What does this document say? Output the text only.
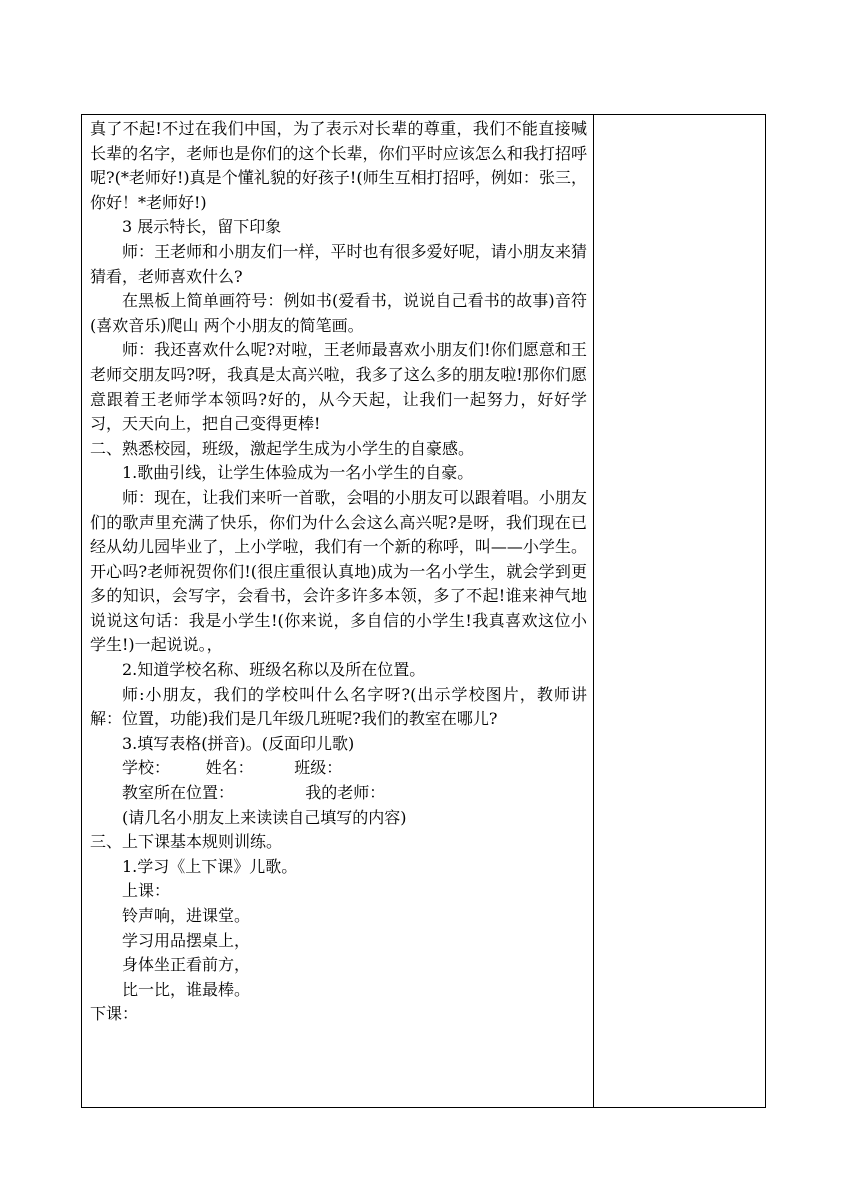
真了不起!不过在我们中国，为了表示对长辈的尊重，我们不能直接喊长辈的名字，老师也是你们的这个长辈，你们平时应该怎么和我打招呼呢?(*老师好!)真是个懂礼貌的好孩子!(师生互相打招呼，例如：张三，你好！*老师好!)

3 展示特长，留下印象

师：王老师和小朋友们一样，平时也有很多爱好呢，请小朋友来猜猜看，老师喜欢什么?

在黑板上简单画符号：例如书(爱看书，说说自己看书的故事)音符(喜欢音乐)爬山 两个小朋友的简笔画。

师：我还喜欢什么呢?对啦，王老师最喜欢小朋友们!你们愿意和王老师交朋友吗?呀，我真是太高兴啦，我多了这么多的朋友啦!那你们愿意跟着王老师学本领吗?好的，从今天起，让我们一起努力，好好学习，天天向上，把自己变得更棒!

二、熟悉校园，班级，激起学生成为小学生的自豪感。

1.歌曲引线，让学生体验成为一名小学生的自豪。

师：现在，让我们来听一首歌，会唱的小朋友可以跟着唱。小朋友们的歌声里充满了快乐，你们为什么会这么高兴呢?是呀，我们现在已经从幼儿园毕业了，上小学啦，我们有一个新的称呼，叫——小学生。开心吗?老师祝贺你们!(很庄重很认真地)成为一名小学生，就会学到更多的知识，会写字，会看书，会许多许多本领，多了不起!谁来神气地说说这句话：我是小学生!(你来说，多自信的小学生!我真喜欢这位小学生!)一起说说。，

2.知道学校名称、班级名称以及所在位置。

师:小朋友，我们的学校叫什么名字呀?(出示学校图片，教师讲解：位置，功能)我们是几年级几班呢?我们的教室在哪儿?

3.填写表格(拼音)。(反面印儿歌)

学校：       姓名：        班级：

教室所在位置：              我的老师：

(请几名小朋友上来读读自己填写的内容)

三、上下课基本规则训练。

1.学习《上下课》儿歌。

上课：

铃声响，进课堂。

学习用品摆桌上，

身体坐正看前方，

比一比，谁最棒。

下课：
